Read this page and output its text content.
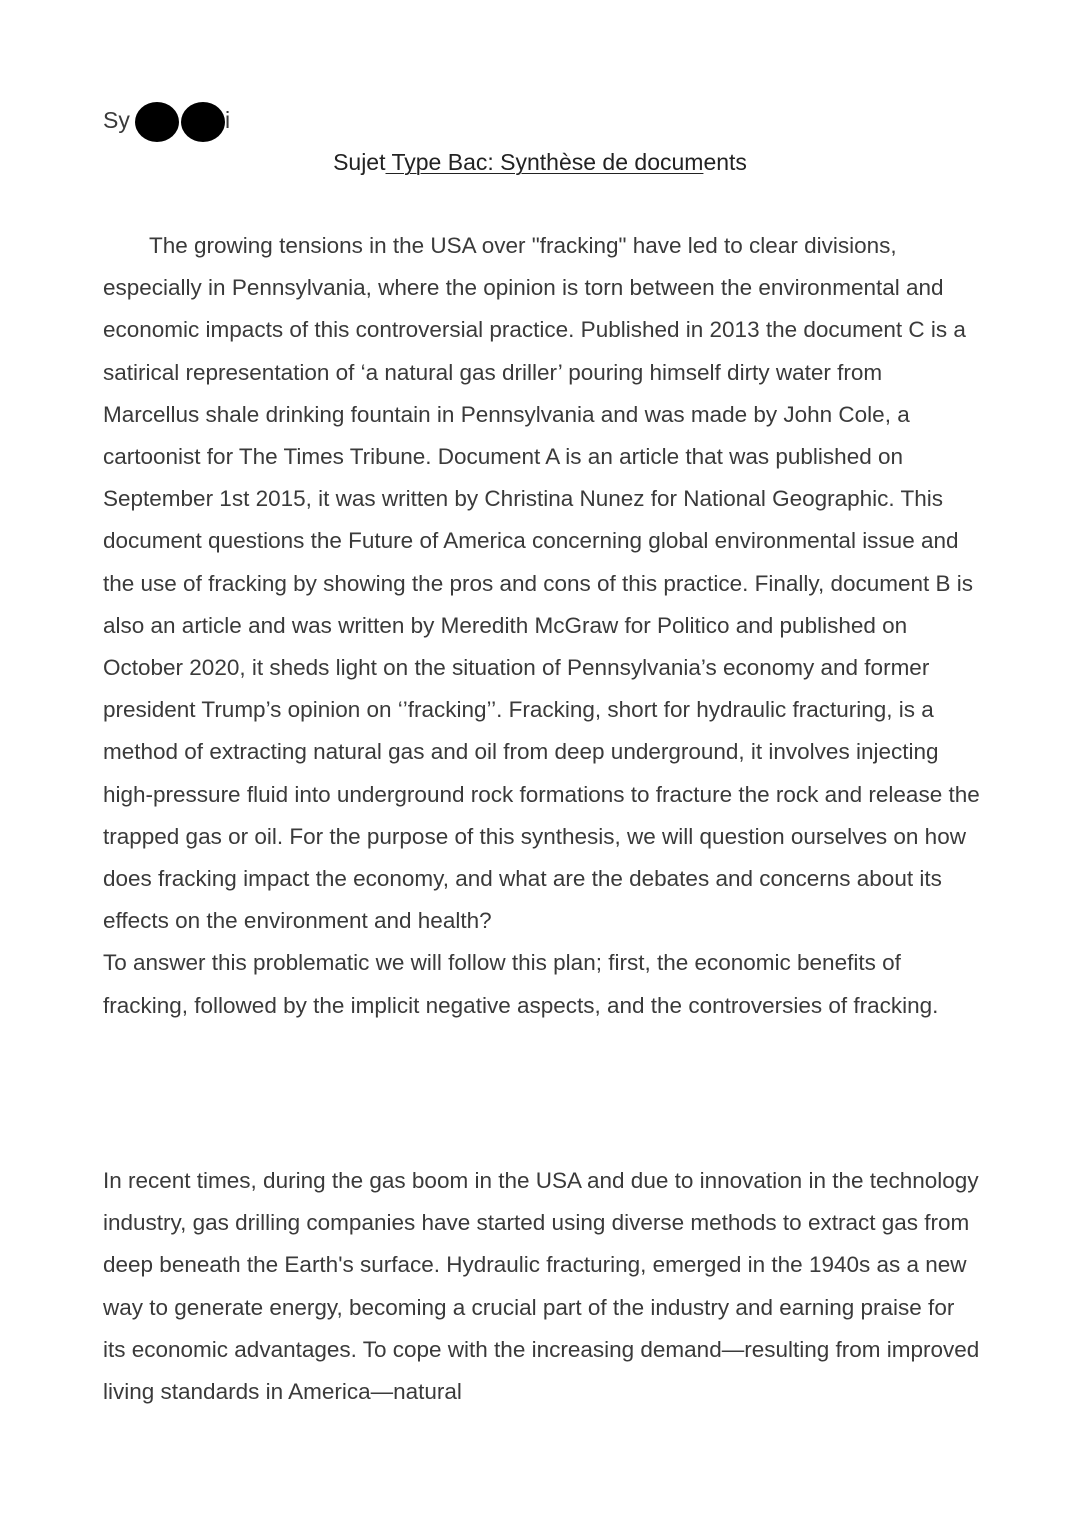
Sy	i
Sujet Type Bac: Synthèse de documents

The growing tensions in the USA over "fracking" have led to clear divisions, especially in Pennsylvania, where the opinion is torn between the environmental and economic impacts of this controversial practice. Published in 2013 the document C is a satirical representation of ‘a natural gas driller’ pouring himself dirty water from Marcellus shale drinking fountain in Pennsylvania and was made by John Cole, a cartoonist for The Times Tribune. Document A is an article that was published on September 1st 2015, it was written by Christina Nunez for National Geographic. This document questions the Future of America concerning global environmental issue and the use of fracking by showing the pros and cons of this practice. Finally, document B is also an article and was written by Meredith McGraw for Politico and published on October 2020, it sheds light on the situation of Pennsylvania’s economy and former president Trump’s opinion on ‘’fracking’’. Fracking, short for hydraulic fracturing, is a method of extracting natural gas and oil from deep underground, it involves injecting high-pressure fluid into underground rock formations to fracture the rock and release the trapped gas or oil. For the purpose of this synthesis, we will question ourselves on how does fracking impact the economy, and what are the debates and concerns about its effects on the environment and health?

To answer this problematic we will follow this plan; first, the economic benefits of fracking, followed by the implicit negative aspects, and the controversies of fracking.

In recent times, during the gas boom in the USA and due to innovation in the technology industry, gas drilling companies have started using diverse methods to extract gas from deep beneath the Earth's surface. Hydraulic fracturing, emerged in the 1940s as a new way to generate energy, becoming a crucial part of the industry and earning praise for its economic advantages. To cope with the increasing demand—resulting from improved living standards in America—natural
